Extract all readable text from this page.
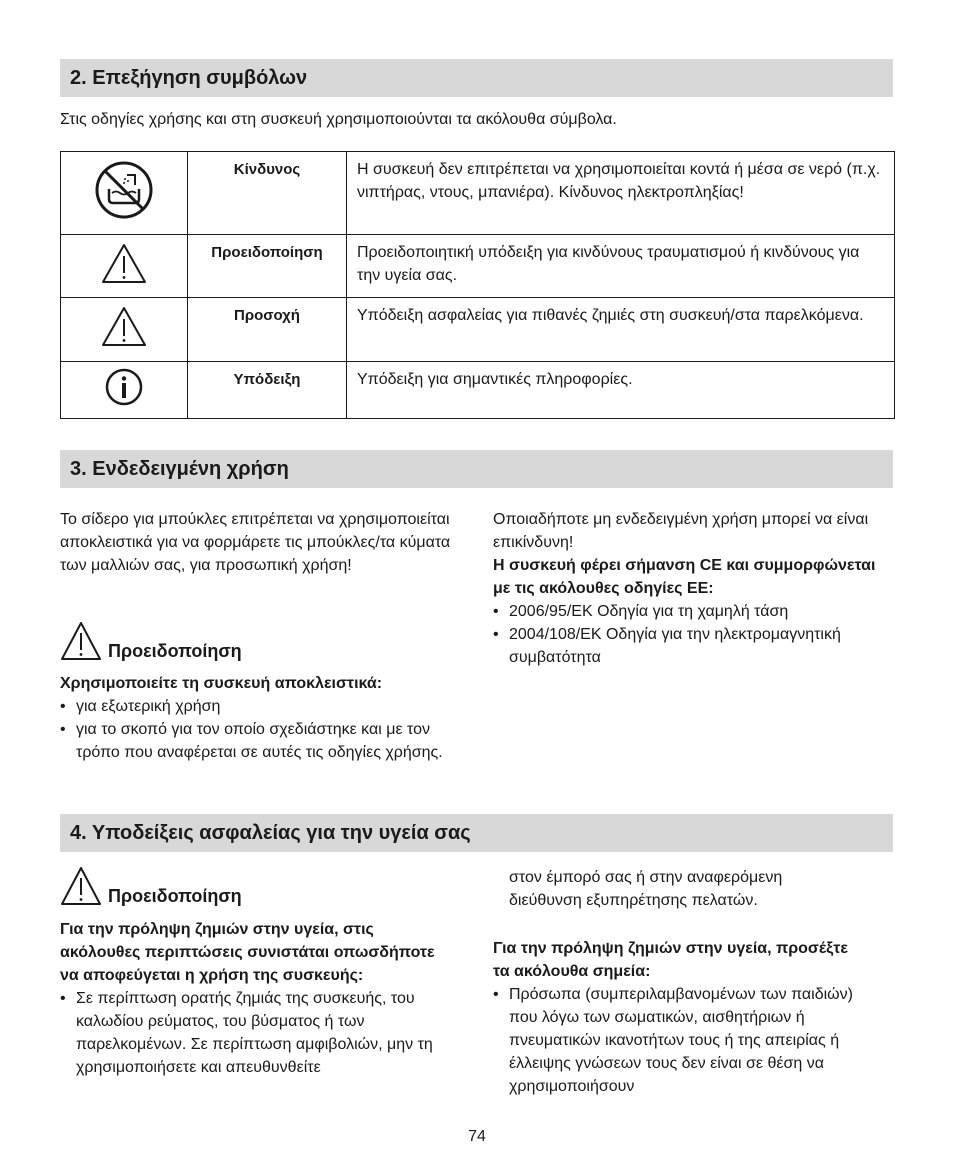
2. Επεξήγηση συμβόλων

Στις οδηγίες χρήσης και στη συσκευή χρησιμοποιούνται τα ακόλουθα σύμβολα.

	Κίνδυνος	Η συσκευή δεν επιτρέπεται να χρησιμοποιείται κοντά ή μέσα σε νερό (π.χ. νιπτήρας, ντους, μπανιέρα). Κίνδυνος ηλεκτροπληξίας!
	Προειδοποίηση	Προειδοποιητική υπόδειξη για κινδύνους τραυματισμού ή κινδύνους για την υγεία σας.
	Προσοχή	Υπόδειξη ασφαλείας για πιθανές ζημιές στη συσκευή/στα παρελκόμενα.
	Υπόδειξη	Υπόδειξη για σημαντικές πληροφορίες.
3. Ενδεδειγμένη χρήση

Το σίδερο για μπούκλες επιτρέπεται να χρησιμοποιείται αποκλειστικά για να φορμάρετε τις μπούκλες/τα κύματα των μαλλιών σας, για προσωπική χρήση!

Προειδοποίηση

Χρησιμοποιείτε τη συσκευή αποκλειστικά:

• για εξωτερική χρήση
• για το σκοπό για τον οποίο σχεδιάστηκε και με τον τρόπο που αναφέρεται σε αυτές τις οδηγίες χρήσης.

Οποιαδήποτε μη ενδεδειγμένη χρήση μπορεί να είναι επικίνδυνη!

Η συσκευή φέρει σήμανση CE και συμμορφώνεται με τις ακόλουθες οδηγίες ΕΕ:

• 2006/95/EK Οδηγία για τη χαμηλή τάση
• 2004/108/EK Οδηγία για την ηλεκτρομαγνητική συμβατότητα
4. Υποδείξεις ασφαλείας για την υγεία σας
Προειδοποίηση

Για την πρόληψη ζημιών στην υγεία, στις ακόλουθες περιπτώσεις συνιστάται οπωσδήποτε να αποφεύγεται η χρήση της συσκευής:

• Σε περίπτωση ορατής ζημιάς της συσκευής, του καλωδίου ρεύματος, του βύσματος ή των παρελκομένων. Σε περίπτωση αμφιβολιών, μην τη χρησιμοποιήσετε και απευθυνθείτε

στον έμπορό σας ή στην αναφερόμενη διεύθυνση εξυπηρέτησης πελατών.

Για την πρόληψη ζημιών στην υγεία, προσέξτε τα ακόλουθα σημεία:

• Πρόσωπα (συμπεριλαμβανομένων των παιδιών) που λόγω των σωματικών, αισθητήριων ή πνευματικών ικανοτήτων τους ή της απειρίας ή έλλειψης γνώσεων τους δεν είναι σε θέση να χρησιμοποιήσουν
74
